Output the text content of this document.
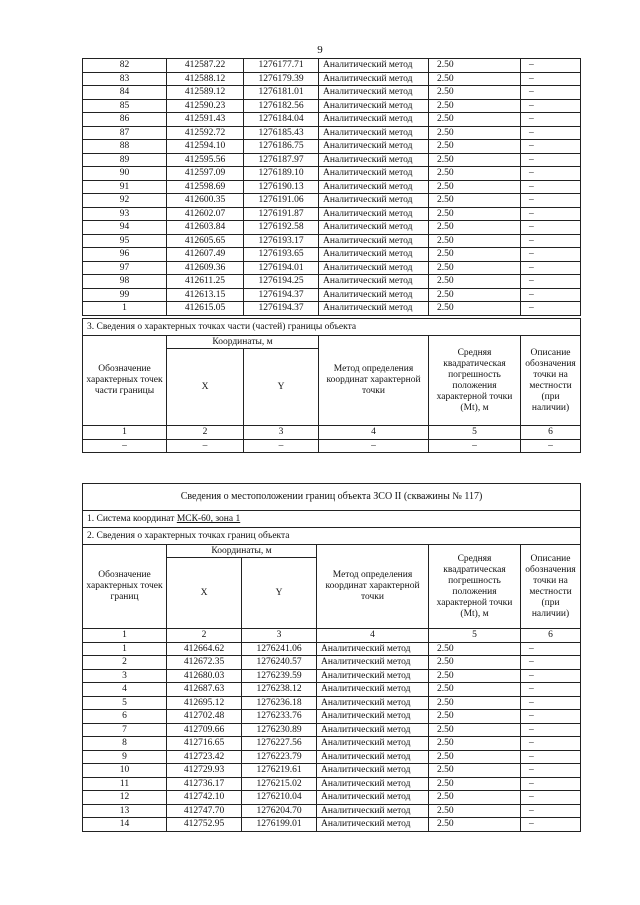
9
82	412587.22	1276177.71	Аналитический метод	2.50	–
83	412588.12	1276179.39	Аналитический метод	2.50	–
84	412589.12	1276181.01	Аналитический метод	2.50	–
85	412590.23	1276182.56	Аналитический метод	2.50	–
86	412591.43	1276184.04	Аналитический метод	2.50	–
87	412592.72	1276185.43	Аналитический метод	2.50	–
88	412594.10	1276186.75	Аналитический метод	2.50	–
89	412595.56	1276187.97	Аналитический метод	2.50	–
90	412597.09	1276189.10	Аналитический метод	2.50	–
91	412598.69	1276190.13	Аналитический метод	2.50	–
92	412600.35	1276191.06	Аналитический метод	2.50	–
93	412602.07	1276191.87	Аналитический метод	2.50	–
94	412603.84	1276192.58	Аналитический метод	2.50	–
95	412605.65	1276193.17	Аналитический метод	2.50	–
96	412607.49	1276193.65	Аналитический метод	2.50	–
97	412609.36	1276194.01	Аналитический метод	2.50	–
98	412611.25	1276194.25	Аналитический метод	2.50	–
99	412613.15	1276194.37	Аналитический метод	2.50	–
1	412615.05	1276194.37	Аналитический метод	2.50	–
3. Сведения о характерных точках части (частей) границы объекта					
Обозначение характерных точек части границы	Координаты, м		Метод определения координат характерной точки	Средняя квадратическая погрешность положения характерной точки (Mt), м	Описание обозначения точки на местности (при наличии)
	X	Y			
1	2	3	4	5	6
–	–	–	–	–	–
Сведения о местоположении границ объекта ЗСО II (скважины № 117)					
1. Система координат МСК-60, зона 1					
2. Сведения о характерных точках границ объекта					
Обозначение характерных точек границ	Координаты, м		Метод определения координат характерной точки	Средняя квадратическая погрешность положения характерной точки (Mt), м	Описание обозначения точки на местности (при наличии)
	X	Y			
1	2	3	4	5	6
1	412664.62	1276241.06	Аналитический метод	2.50	–
2	412672.35	1276240.57	Аналитический метод	2.50	–
3	412680.03	1276239.59	Аналитический метод	2.50	–
4	412687.63	1276238.12	Аналитический метод	2.50	–
5	412695.12	1276236.18	Аналитический метод	2.50	–
6	412702.48	1276233.76	Аналитический метод	2.50	–
7	412709.66	1276230.89	Аналитический метод	2.50	–
8	412716.65	1276227.56	Аналитический метод	2.50	–
9	412723.42	1276223.79	Аналитический метод	2.50	–
10	412729.93	1276219.61	Аналитический метод	2.50	–
11	412736.17	1276215.02	Аналитический метод	2.50	–
12	412742.10	1276210.04	Аналитический метод	2.50	–
13	412747.70	1276204.70	Аналитический метод	2.50	–
14	412752.95	1276199.01	Аналитический метод	2.50	–
